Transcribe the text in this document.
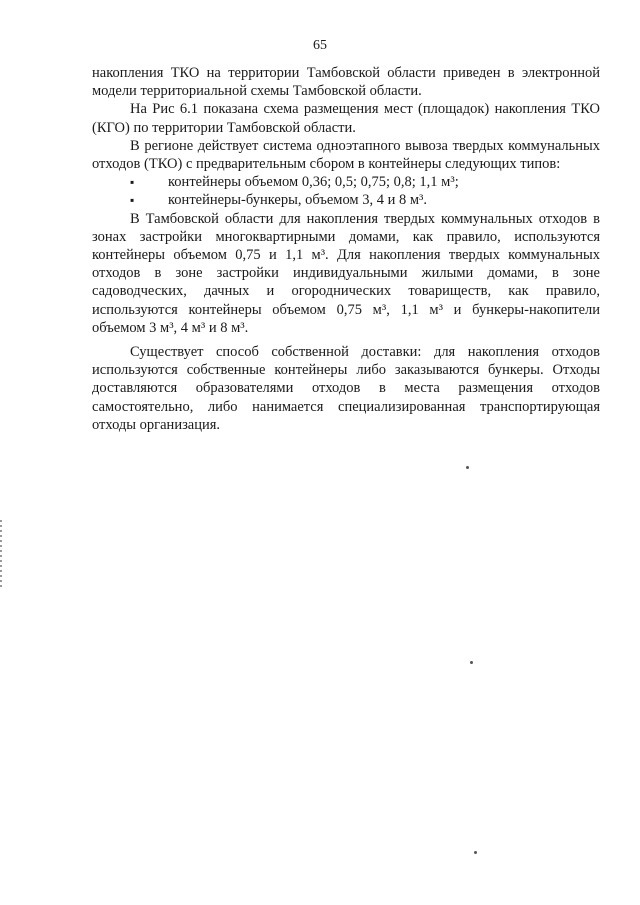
65

накопления ТКО на территории Тамбовской области приведен в электронной модели территориальной схемы Тамбовской области.

На Рис 6.1 показана схема размещения мест (площадок) накопления ТКО (КГО) по территории Тамбовской области.

В регионе действует система одноэтапного вывоза твердых коммунальных отходов (ТКО) с предварительным сбором в контейнеры следующих типов:

▪ контейнеры объемом 0,36; 0,5; 0,75; 0,8; 1,1 м³;
▪ контейнеры-бункеры, объемом 3, 4 и 8 м³.

В Тамбовской области для накопления твердых коммунальных отходов в зонах застройки многоквартирными домами, как правило, используются контейнеры объемом 0,75 и 1,1 м³. Для накопления твердых коммунальных отходов в зоне застройки индивидуальными жилыми домами, в зоне садоводческих, дачных и огороднических товариществ, как правило, используются контейнеры объемом 0,75 м³, 1,1 м³ и бункеры-накопители объемом 3 м³, 4 м³ и 8 м³.

Существует способ собственной доставки: для накопления отходов используются собственные контейнеры либо заказываются бункеры. Отходы доставляются образователями отходов в места размещения отходов самостоятельно, либо нанимается специализированная транспортирующая отходы организация.
